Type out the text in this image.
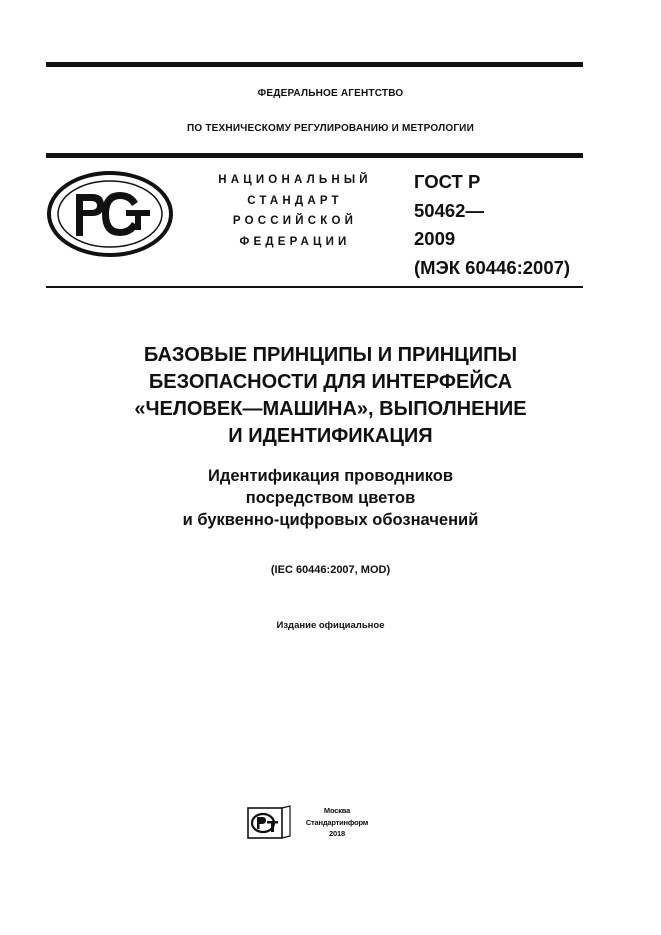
ФЕДЕРАЛЬНОЕ АГЕНТСТВО
ПО ТЕХНИЧЕСКОМУ РЕГУЛИРОВАНИЮ И МЕТРОЛОГИИ
НАЦИОНАЛЬНЫЙ
СТАНДАРТ
РОССИЙСКОЙ
ФЕДЕРАЦИИ
ГОСТ Р
50462—
2009
(МЭК 60446:2007)
БАЗОВЫЕ ПРИНЦИПЫ И ПРИНЦИПЫ
БЕЗОПАСНОСТИ ДЛЯ ИНТЕРФЕЙСА
«ЧЕЛОВЕК—МАШИНА», ВЫПОЛНЕНИЕ
И ИДЕНТИФИКАЦИЯ
Идентификация проводников
посредством цветов
и буквенно-цифровых обозначений
(IEC 60446:2007, MOD)
Издание официальное
Москва
Стандартинформ
2018
